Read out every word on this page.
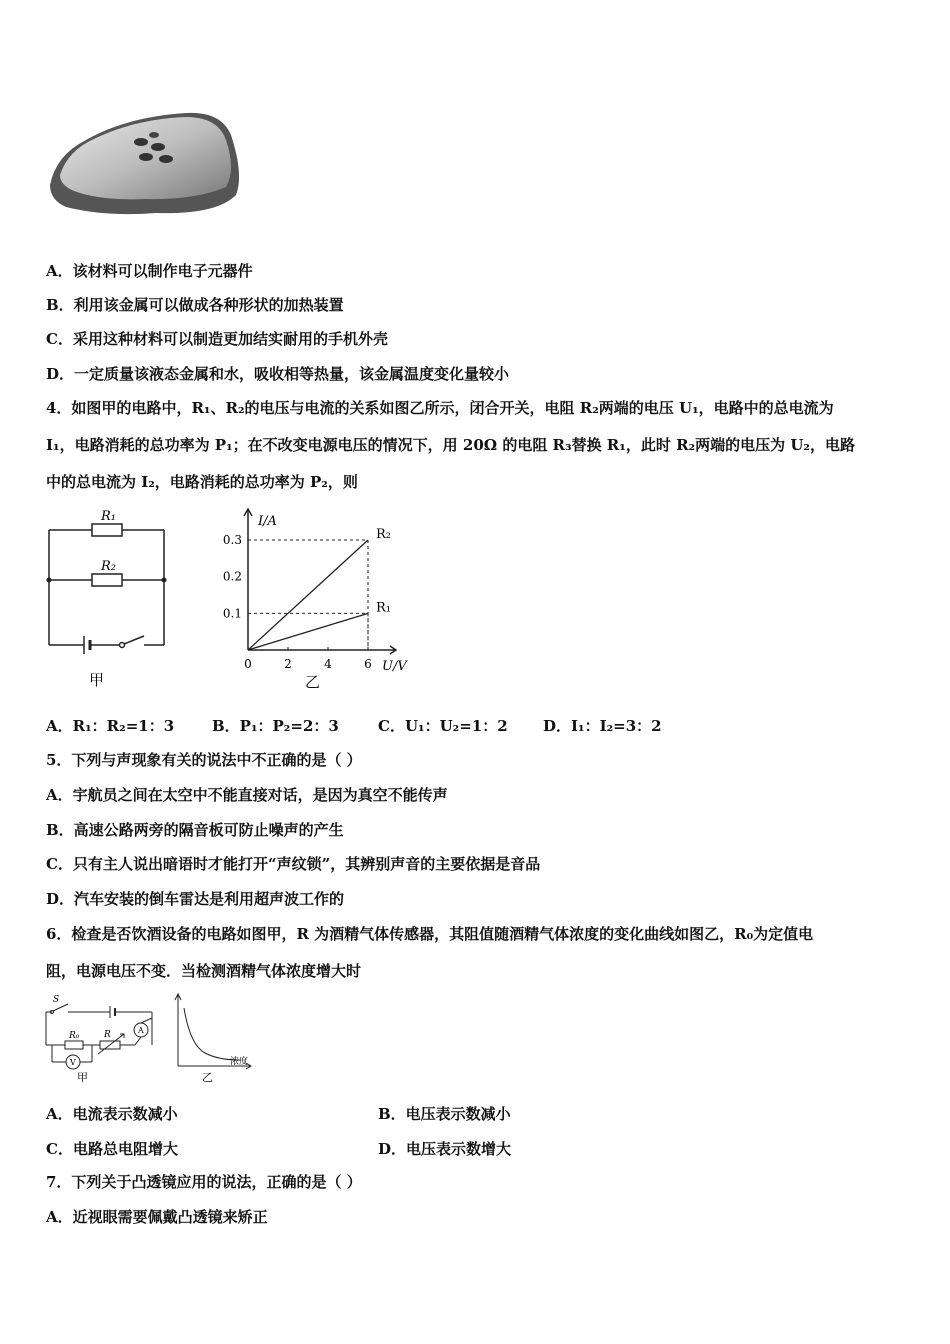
A．该材料可以制作电子元器件
B．利用该金属可以做成各种形状的加热装置
C．采用这种材料可以制造更加结实耐用的手机外壳
D．一定质量该液态金属和水，吸收相等热量，该金属温度变化量较小
4．如图甲的电路中，R₁、R₂的电压与电流的关系如图乙所示，闭合开关，电阻 R₂两端的电压 U₁，电路中的总电流为
I₁，电路消耗的总功率为 P₁；在不改变电源电压的情况下，用 20Ω 的电阻 R₃替换 R₁，此时 R₂两端的电压为 U₂，电路
中的总电流为 I₂，电路消耗的总功率为 P₂，则
R₁
R₂
甲
0.1
0.2
0.3
0	2	4	6
R₂
R₁
I/A
U/V
乙
A．R₁：R₂=1：3	B．P₁：P₂=2：3	C．U₁：U₂=1：2 D．I₁：I₂=3：2
5．下列与声现象有关的说法中不正确的是（ ）
A．宇航员之间在太空中不能直接对话，是因为真空不能传声
B．高速公路两旁的隔音板可防止噪声的产生
C．只有主人说出暗语时才能打开“声纹锁”，其辨别声音的主要依据是音品
D．汽车安装的倒车雷达是利用超声波工作的
6．检查是否饮酒设备的电路如图甲，R 为酒精气体传感器，其阻值随酒精气体浓度的变化曲线如图乙，R₀为定值电
阻，电源电压不变．当检测酒精气体浓度增大时
S
R₀	R	A
V
甲
浓度
乙
A．电流表示数减小	B．电压表示数减小
C．电路总电阻增大	D．电压表示数增大
7．下列关于凸透镜应用的说法，正确的是（ ）
A．近视眼需要佩戴凸透镜来矫正
